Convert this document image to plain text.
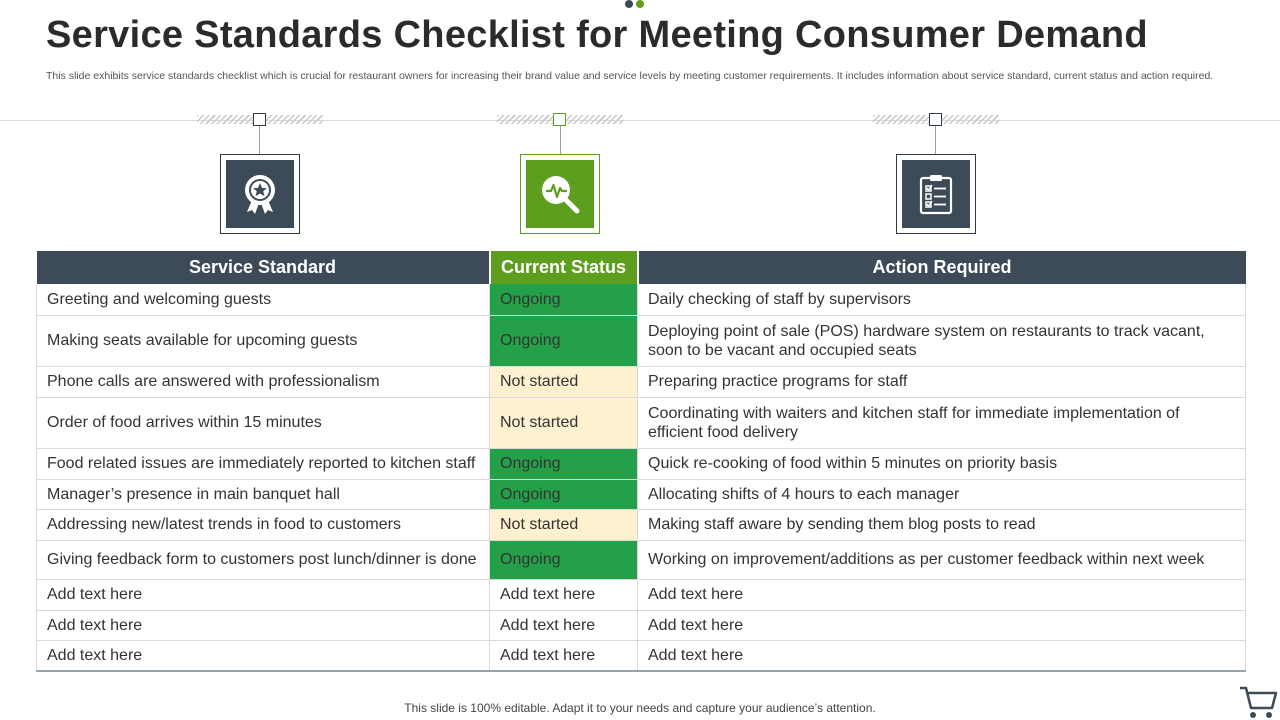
Service Standards Checklist for Meeting Consumer Demand

This slide exhibits service standards checklist which is crucial for restaurant owners for increasing their brand value and service levels by meeting customer requirements. It includes information about service standard, current status and action required.

Service Standard	Current Status	Action Required
Greeting and welcoming guests	Ongoing	Daily checking of staff by supervisors
Making seats available for upcoming guests	Ongoing	Deploying point of sale (POS) hardware system on restaurants to track vacant, soon to be vacant and occupied seats
Phone calls are answered with professionalism	Not started	Preparing practice programs for staff
Order of food arrives within 15 minutes	Not started	Coordinating with waiters and kitchen staff for immediate implementation of efficient food delivery
Food related issues are immediately reported to kitchen staff	Ongoing	Quick re-cooking of food within 5 minutes on priority basis
Manager’s presence in main banquet hall	Ongoing	Allocating shifts of 4 hours to each manager
Addressing new/latest trends in food to customers	Not started	Making staff aware by sending them blog posts to read
Giving feedback form to customers post lunch/dinner is done	Ongoing	Working on improvement/additions as per customer feedback within next week
Add text here	Add text here	Add text here
Add text here	Add text here	Add text here
Add text here	Add text here	Add text here
This slide is 100% editable. Adapt it to your needs and capture your audience’s attention.
